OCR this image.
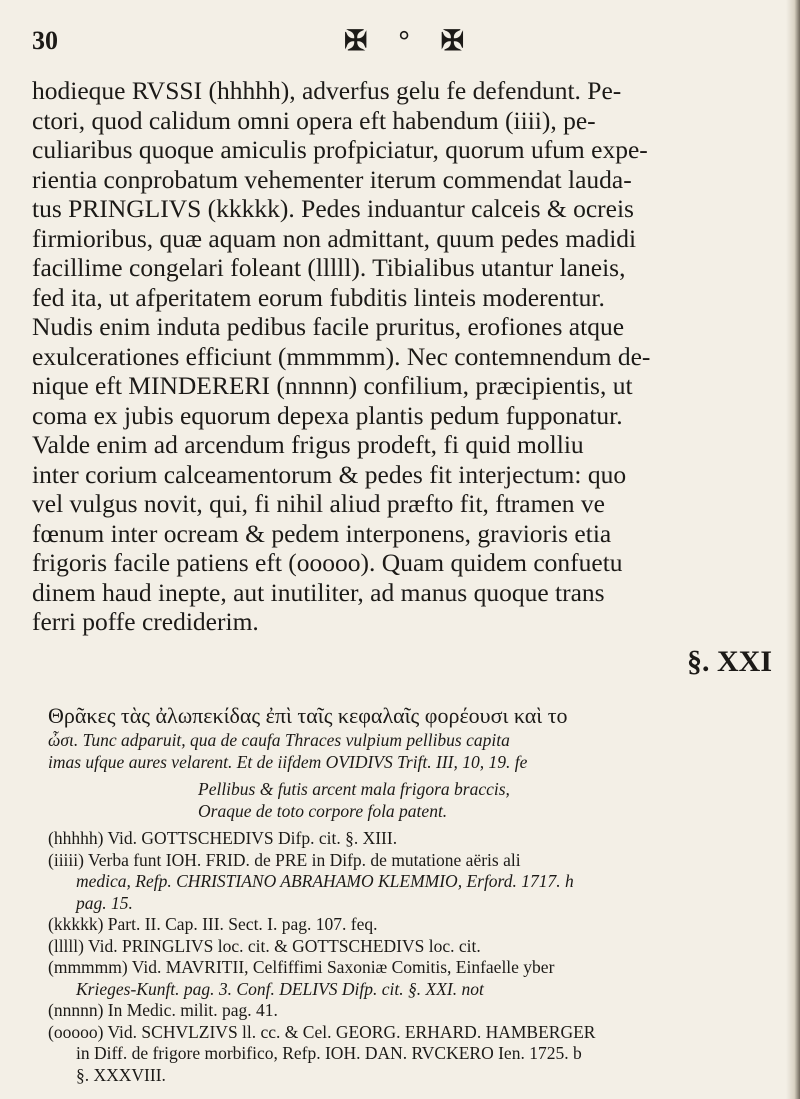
30	✠ ° ✠

hodieque RVSSI (hhhhh), adverfus gelu fe defendunt. Pe-

ctori, quod calidum omni opera eft habendum (iiii), pe-

culiaribus quoque amiculis profpiciatur, quorum ufum expe-

rientia conprobatum vehementer iterum commendat lauda-

tus PRINGLIVS (kkkkk). Pedes induantur calceis & ocreis

firmioribus, quæ aquam non admittant, quum pedes madidi

facillime congelari foleant (lllll). Tibialibus utantur laneis,

fed ita, ut afperitatem eorum fubditis linteis moderentur.

Nudis enim induta pedibus facile pruritus, erofiones atque

exulcerationes efficiunt (mmmmm). Nec contemnendum de-

nique eft MINDERERI (nnnnn) confilium, præcipientis, ut

coma ex jubis equorum depexa plantis pedum fupponatur.

Valde enim ad arcendum frigus prodeft, fi quid molliu

inter corium calceamentorum & pedes fit interjectum: quo

vel vulgus novit, qui, fi nihil aliud præfto fit, ftramen ve

fœnum inter ocream & pedem interponens, gravioris etia

frigoris facile patiens eft (ooooo). Quam quidem confuetu

dinem haud inepte, aut inutiliter, ad manus quoque trans

ferri poffe crediderim.

§. XXI

Θρᾶκες τὰς ἀλωπεκίδας ἐπὶ ταῖς κεφαλαῖς φορέουσι καὶ το

ὦσι. Tunc adparuit, qua de caufa Thraces vulpium pellibus capita

imas ufque aures velarent. Et de iifdem OVIDIVS Trift. III, 10, 19. fe

Pellibus & futis arcent mala frigora braccis,

Oraque de toto corpore fola patent.

(hhhhh) Vid. GOTTSCHEDIVS Difp. cit. §. XIII.

(iiiii) Verba funt IOH. FRID. de PRE in Difp. de mutatione aëris ali

medica, Refp. CHRISTIANO ABRAHAMO KLEMMIO, Erford. 1717. h

pag. 15.

(kkkkk) Part. II. Cap. III. Sect. I. pag. 107. feq.

(lllll) Vid. PRINGLIVS loc. cit. & GOTTSCHEDIVS loc. cit.

(mmmmm) Vid. MAVRITII, Celfiffimi Saxoniæ Comitis, Einfaelle yber

Krieges-Kunft. pag. 3. Conf. DELIVS Difp. cit. §. XXI. not

(nnnnn) In Medic. milit. pag. 41.

(ooooo) Vid. SCHVLZIVS ll. cc. & Cel. GEORG. ERHARD. HAMBERGER

in Diff. de frigore morbifico, Refp. IOH. DAN. RVCKERO Ien. 1725. b

§. XXXVIII.
